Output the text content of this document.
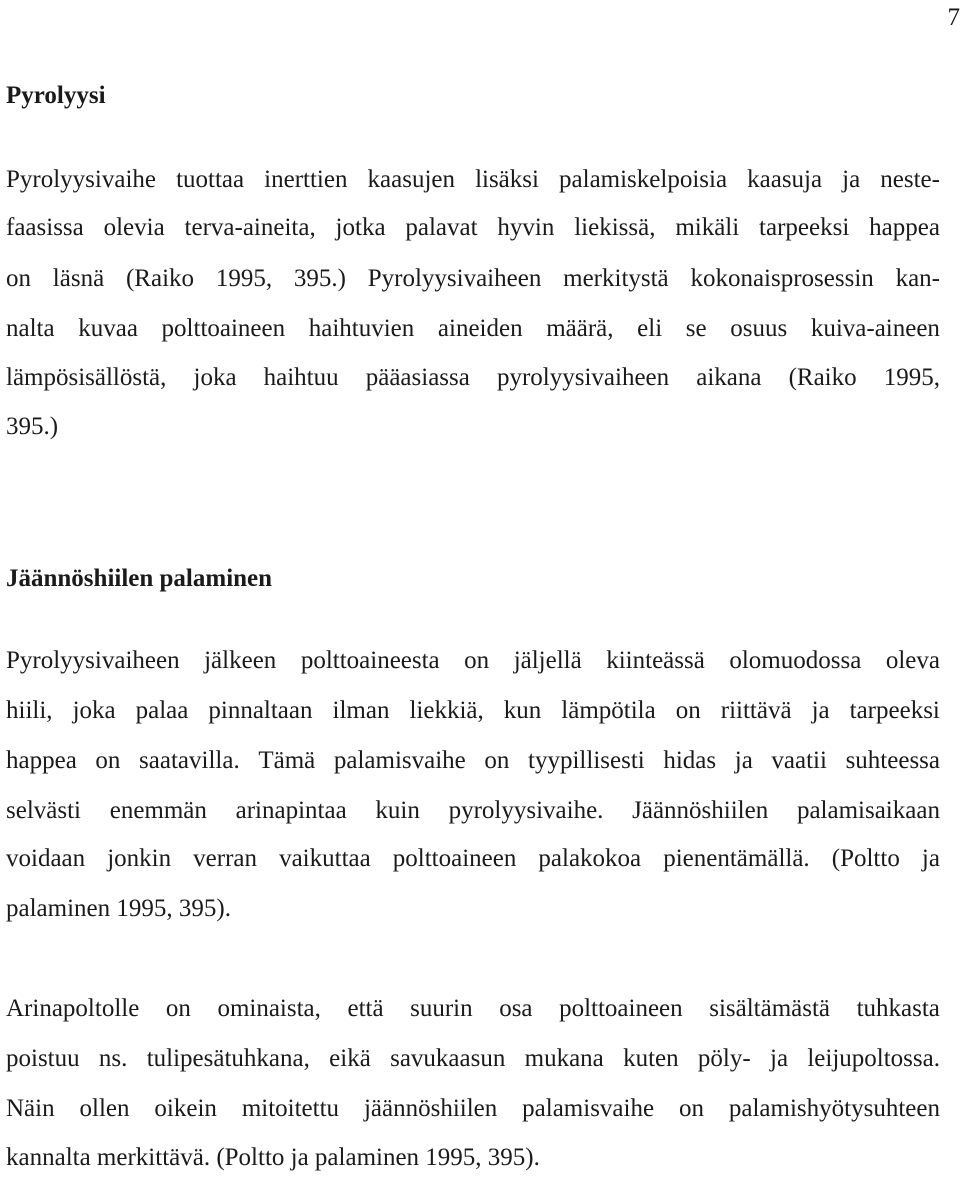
7
Pyrolyysi
Pyrolyysivaihe tuottaa inerttien kaasujen lisäksi palamiskelpoisia kaasuja ja neste-
faasissa olevia terva-aineita, jotka palavat hyvin liekissä, mikäli tarpeeksi happea
on läsnä (Raiko 1995, 395.) Pyrolyysivaiheen merkitystä kokonaisprosessin kan-
nalta kuvaa polttoaineen haihtuvien aineiden määrä, eli se osuus kuiva-aineen
lämpösisällöstä, joka haihtuu pääasiassa pyrolyysivaiheen aikana (Raiko 1995,
395.)
Jäännöshiilen palaminen
Pyrolyysivaiheen jälkeen polttoaineesta on jäljellä kiinteässä olomuodossa oleva
hiili, joka palaa pinnaltaan ilman liekkiä, kun lämpötila on riittävä ja tarpeeksi
happea on saatavilla. Tämä palamisvaihe on tyypillisesti hidas ja vaatii suhteessa
selvästi enemmän arinapintaa kuin pyrolyysivaihe. Jäännöshiilen palamisaikaan
voidaan jonkin verran vaikuttaa polttoaineen palakokoa pienentämällä. (Poltto ja
palaminen 1995, 395).
Arinapoltolle on ominaista, että suurin osa polttoaineen sisältämästä tuhkasta
poistuu ns. tulipesätuhkana, eikä savukaasun mukana kuten pöly- ja leijupoltossa.
Näin ollen oikein mitoitettu jäännöshiilen palamisvaihe on palamishyötysuhteen
kannalta merkittävä. (Poltto ja palaminen 1995, 395).
